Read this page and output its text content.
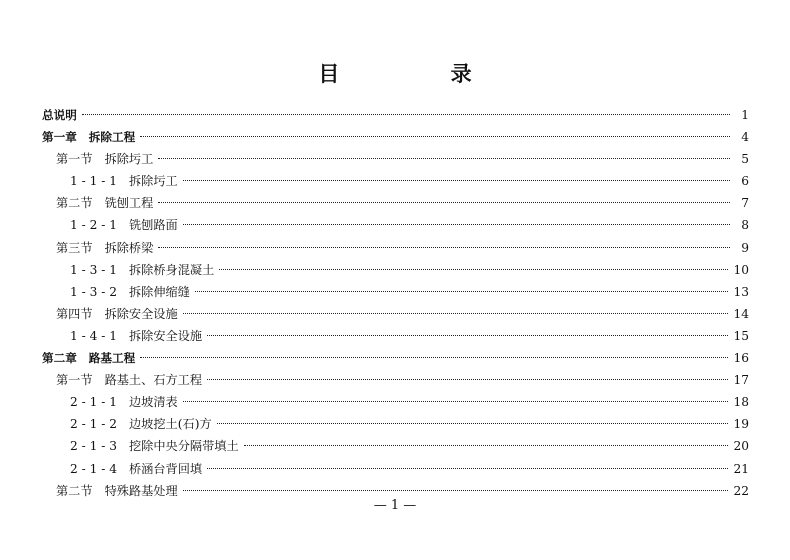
目 录
总说明	1
第一章 拆除工程	4
第一节 拆除圬工	5
1 - 1 - 1 拆除圬工	6
第二节 铣刨工程	7
1 - 2 - 1 铣刨路面	8
第三节 拆除桥梁	9
1 - 3 - 1 拆除桥身混凝土	10
1 - 3 - 2 拆除伸缩缝	13
第四节 拆除安全设施	14
1 - 4 - 1 拆除安全设施	15
第二章 路基工程	16
第一节 路基土、石方工程	17
2 - 1 - 1 边坡清表	18
2 - 1 - 2 边坡挖土(石)方	19
2 - 1 - 3 挖除中央分隔带填土	20
2 - 1 - 4 桥涵台背回填	21
第二节 特殊路基处理	22
— 1 —
